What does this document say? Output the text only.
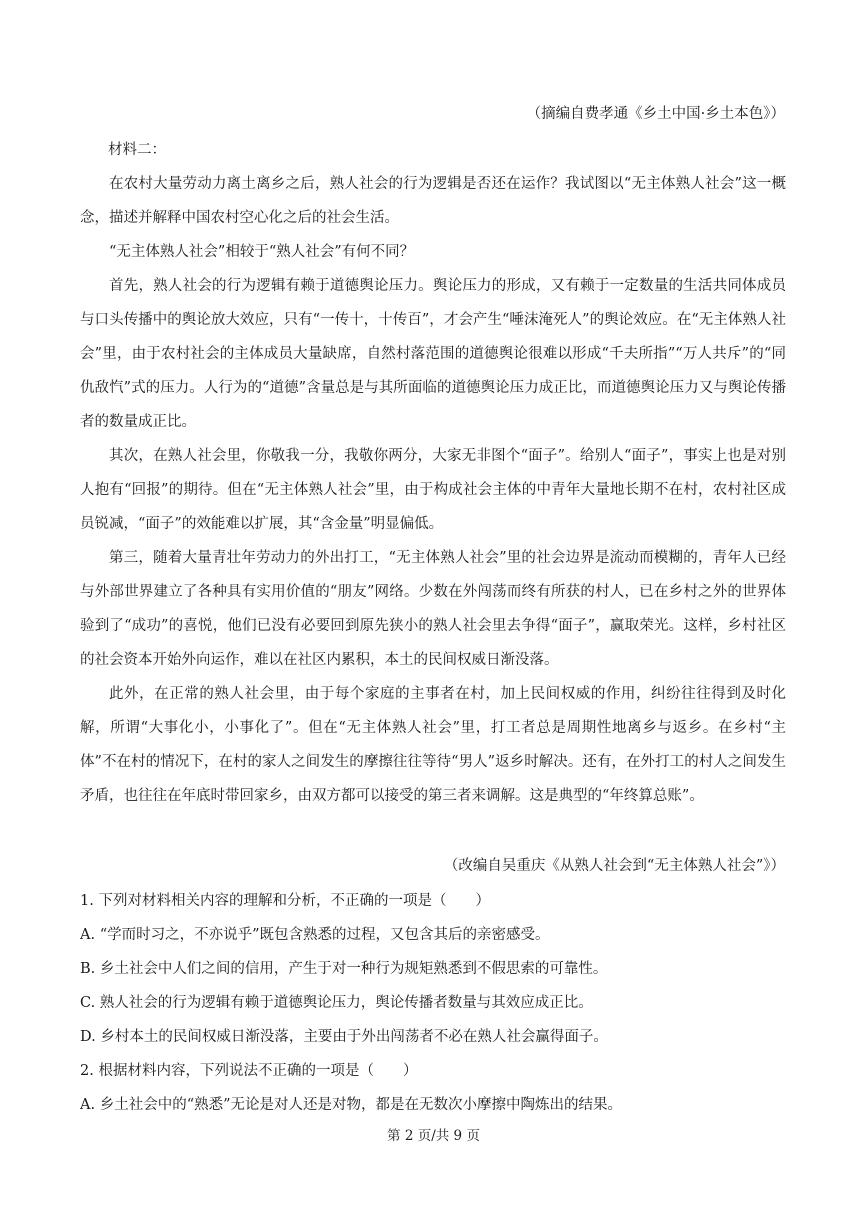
（摘编自费孝通《乡土中国·乡土本色》）
材料二：

在农村大量劳动力离土离乡之后，熟人社会的行为逻辑是否还在运作？我试图以“无主体熟人社会”这一概念，描述并解释中国农村空心化之后的社会生活。

“无主体熟人社会”相较于“熟人社会”有何不同？

首先，熟人社会的行为逻辑有赖于道德舆论压力。舆论压力的形成，又有赖于一定数量的生活共同体成员与口头传播中的舆论放大效应，只有“一传十，十传百”，才会产生“唾沫淹死人”的舆论效应。在“无主体熟人社会”里，由于农村社会的主体成员大量缺席，自然村落范围的道德舆论很难以形成“千夫所指”“万人共斥”的“同仇敌忾”式的压力。人行为的“道德”含量总是与其所面临的道德舆论压力成正比，而道德舆论压力又与舆论传播者的数量成正比。

其次，在熟人社会里，你敬我一分，我敬你两分，大家无非图个“面子”。给别人“面子”，事实上也是对别人抱有“回报”的期待。但在“无主体熟人社会”里，由于构成社会主体的中青年大量地长期不在村，农村社区成员锐减，“面子”的效能难以扩展，其“含金量”明显偏低。

第三，随着大量青壮年劳动力的外出打工，“无主体熟人社会”里的社会边界是流动而模糊的，青年人已经与外部世界建立了各种具有实用价值的“朋友”网络。少数在外闯荡而终有所获的村人，已在乡村之外的世界体验到了“成功”的喜悦，他们已没有必要回到原先狭小的熟人社会里去争得“面子”，赢取荣光。这样，乡村社区的社会资本开始外向运作，难以在社区内累积，本土的民间权威日渐没落。

此外，在正常的熟人社会里，由于每个家庭的主事者在村，加上民间权威的作用，纠纷往往得到及时化解，所谓“大事化小，小事化了”。但在“无主体熟人社会”里，打工者总是周期性地离乡与返乡。在乡村“主体”不在村的情况下，在村的家人之间发生的摩擦往往等待“男人”返乡时解决。还有，在外打工的村人之间发生矛盾，也往往在年底时带回家乡，由双方都可以接受的第三者来调解。这是典型的“年终算总账”。

（改编自吴重庆《从熟人社会到“无主体熟人社会”》）
1. 下列对材料相关内容的理解和分析，不正确的一项是（　　）
A. “学而时习之，不亦说乎”既包含熟悉的过程，又包含其后的亲密感受。
B. 乡土社会中人们之间的信用，产生于对一种行为规矩熟悉到不假思索的可靠性。
C. 熟人社会的行为逻辑有赖于道德舆论压力，舆论传播者数量与其效应成正比。
D. 乡村本土的民间权威日渐没落，主要由于外出闯荡者不必在熟人社会赢得面子。
2. 根据材料内容，下列说法不正确的一项是（　　）
A. 乡土社会中的“熟悉”无论是对人还是对物，都是在无数次小摩擦中陶炼出的结果。
第 2 页/共 9 页
